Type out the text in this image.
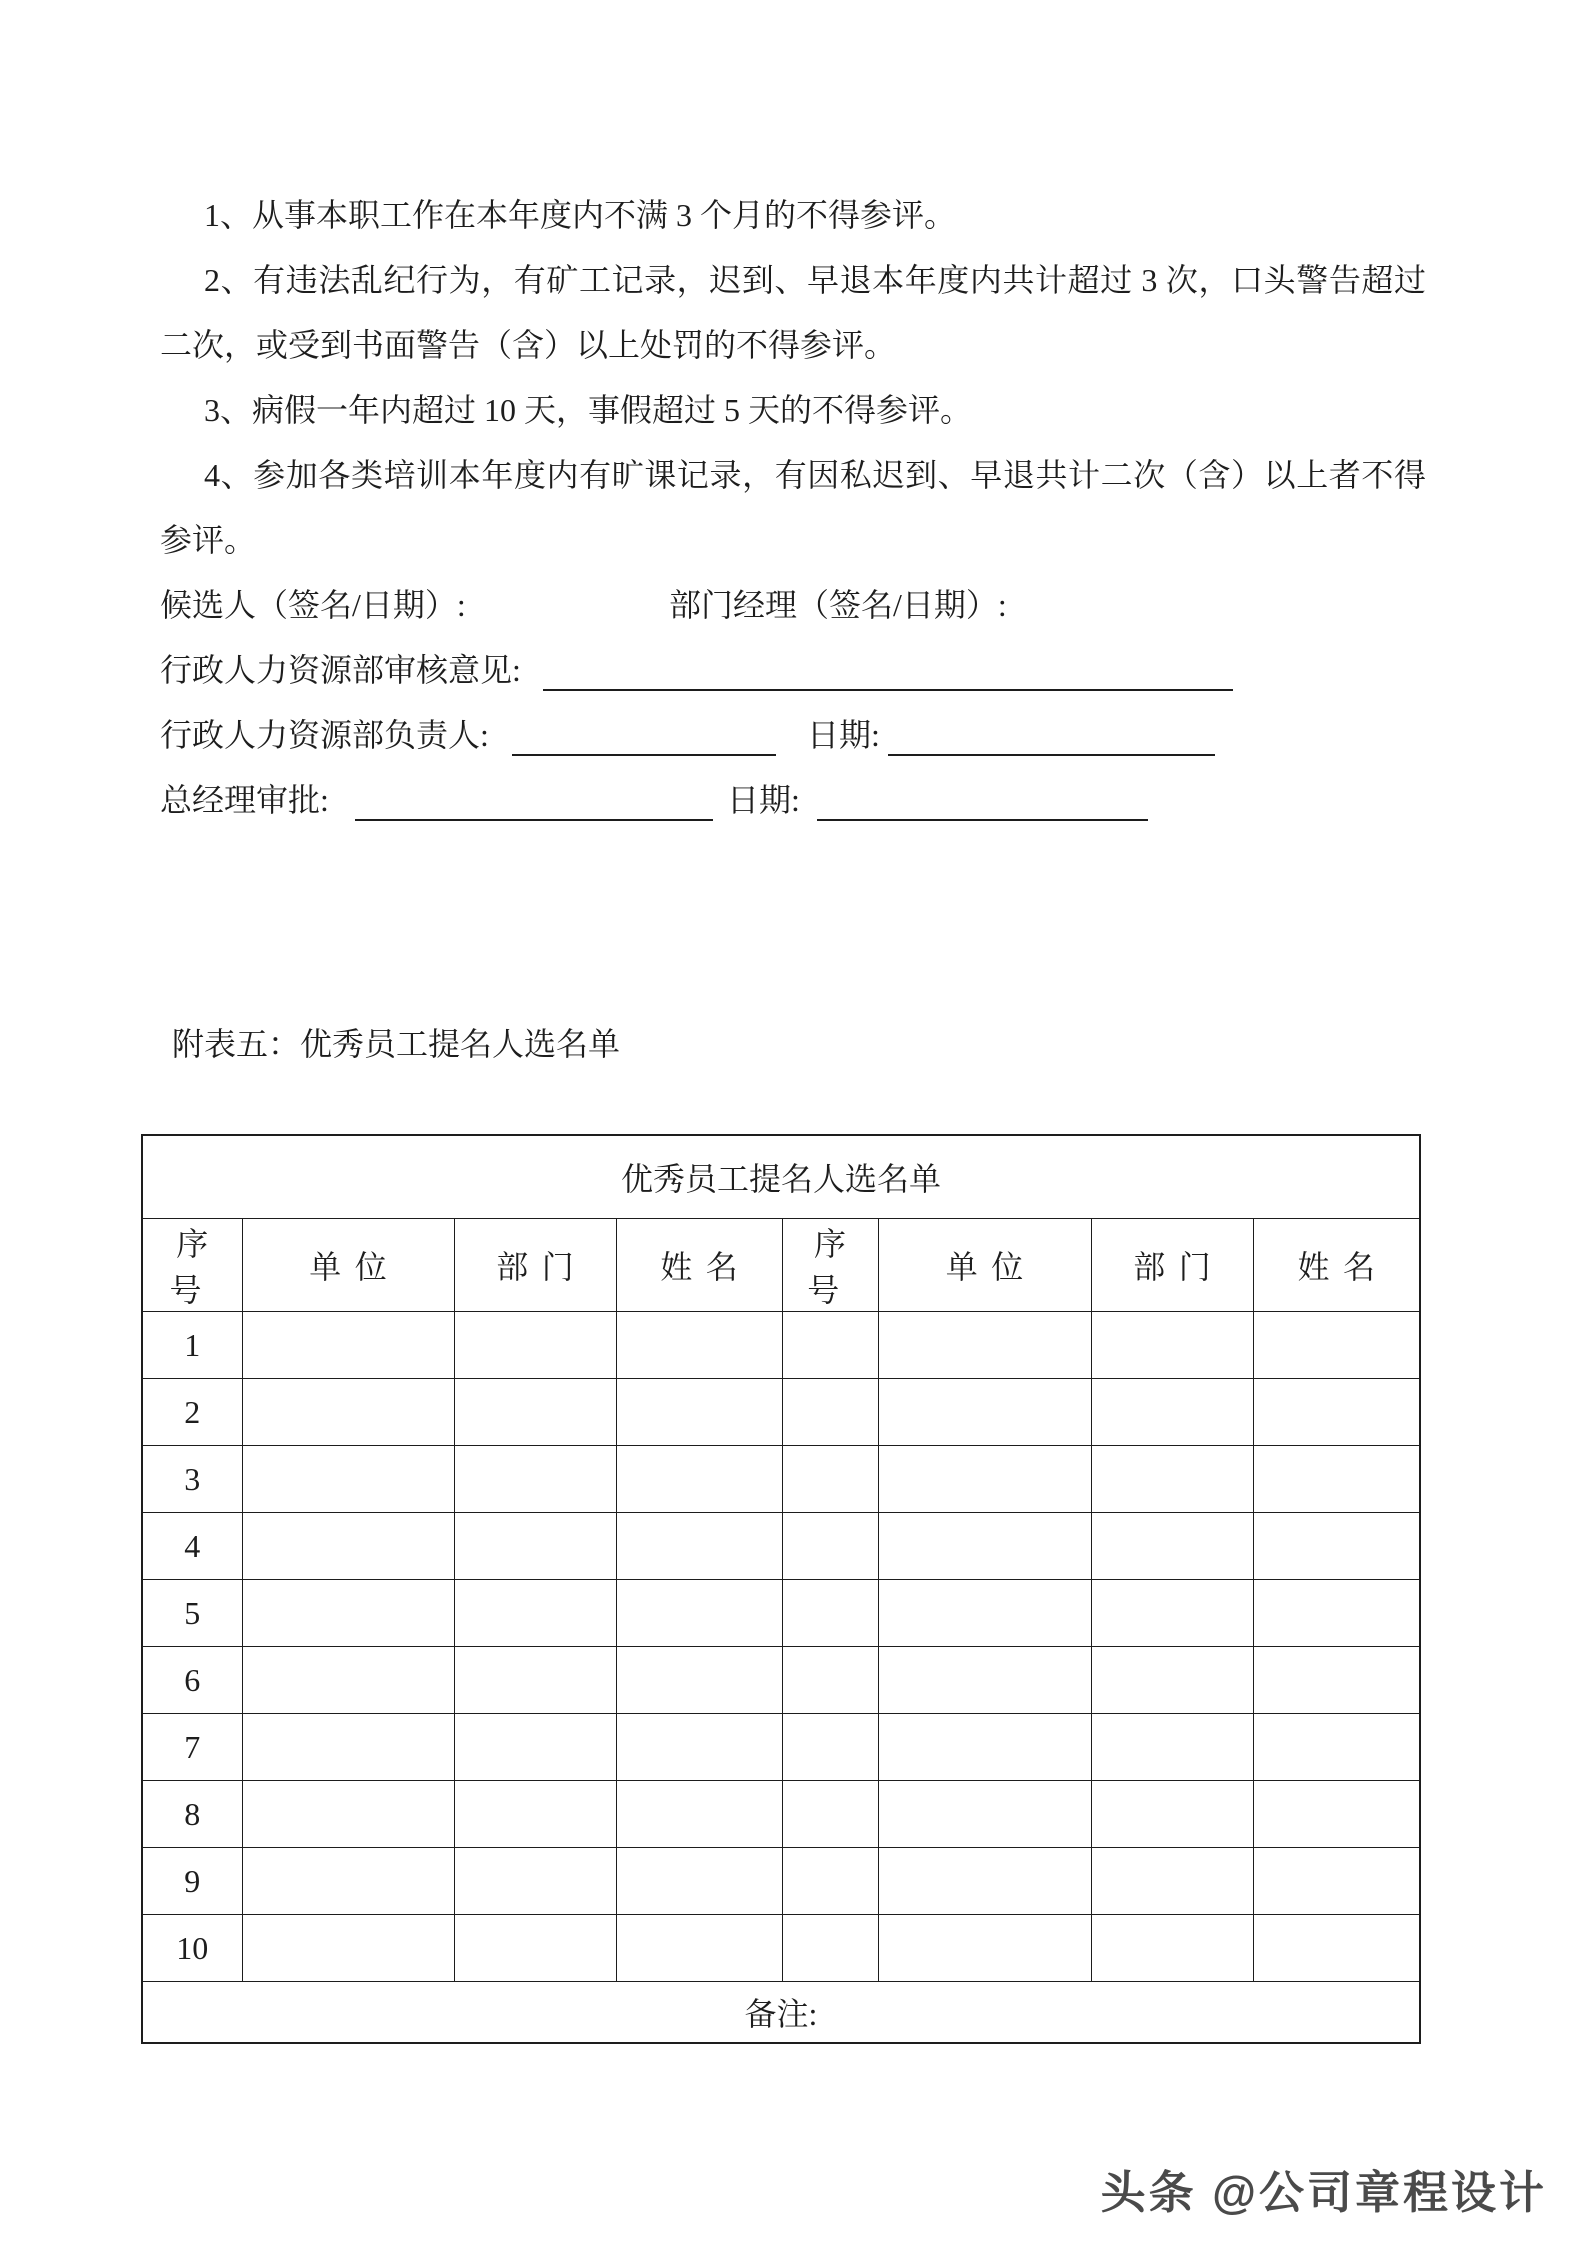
1、从事本职工作在本年度内不满 3 个月的不得参评。

2、有违法乱纪行为，有矿工记录，迟到、早退本年度内共计超过 3 次，口头警告超过二次，或受到书面警告（含）以上处罚的不得参评。

3、病假一年内超过 10 天，事假超过 5 天的不得参评。

4、参加各类培训本年度内有旷课记录，有因私迟到、早退共计二次（含）以上者不得参评。

候选人（签名/日期）:	部门经理（签名/日期）:
行政人力资源部审核意见:
行政人力资源部负责人:	日期:
总经理审批:	日期:

附表五：优秀员工提名人选名单

优秀员工提名人选名单							
序号	单位	部门	姓名	序号	单位	部门	姓名
1							
2							
3							
4							
5							
6							
7							
8							
9							
10							
备注:							
头条 @公司章程设计
